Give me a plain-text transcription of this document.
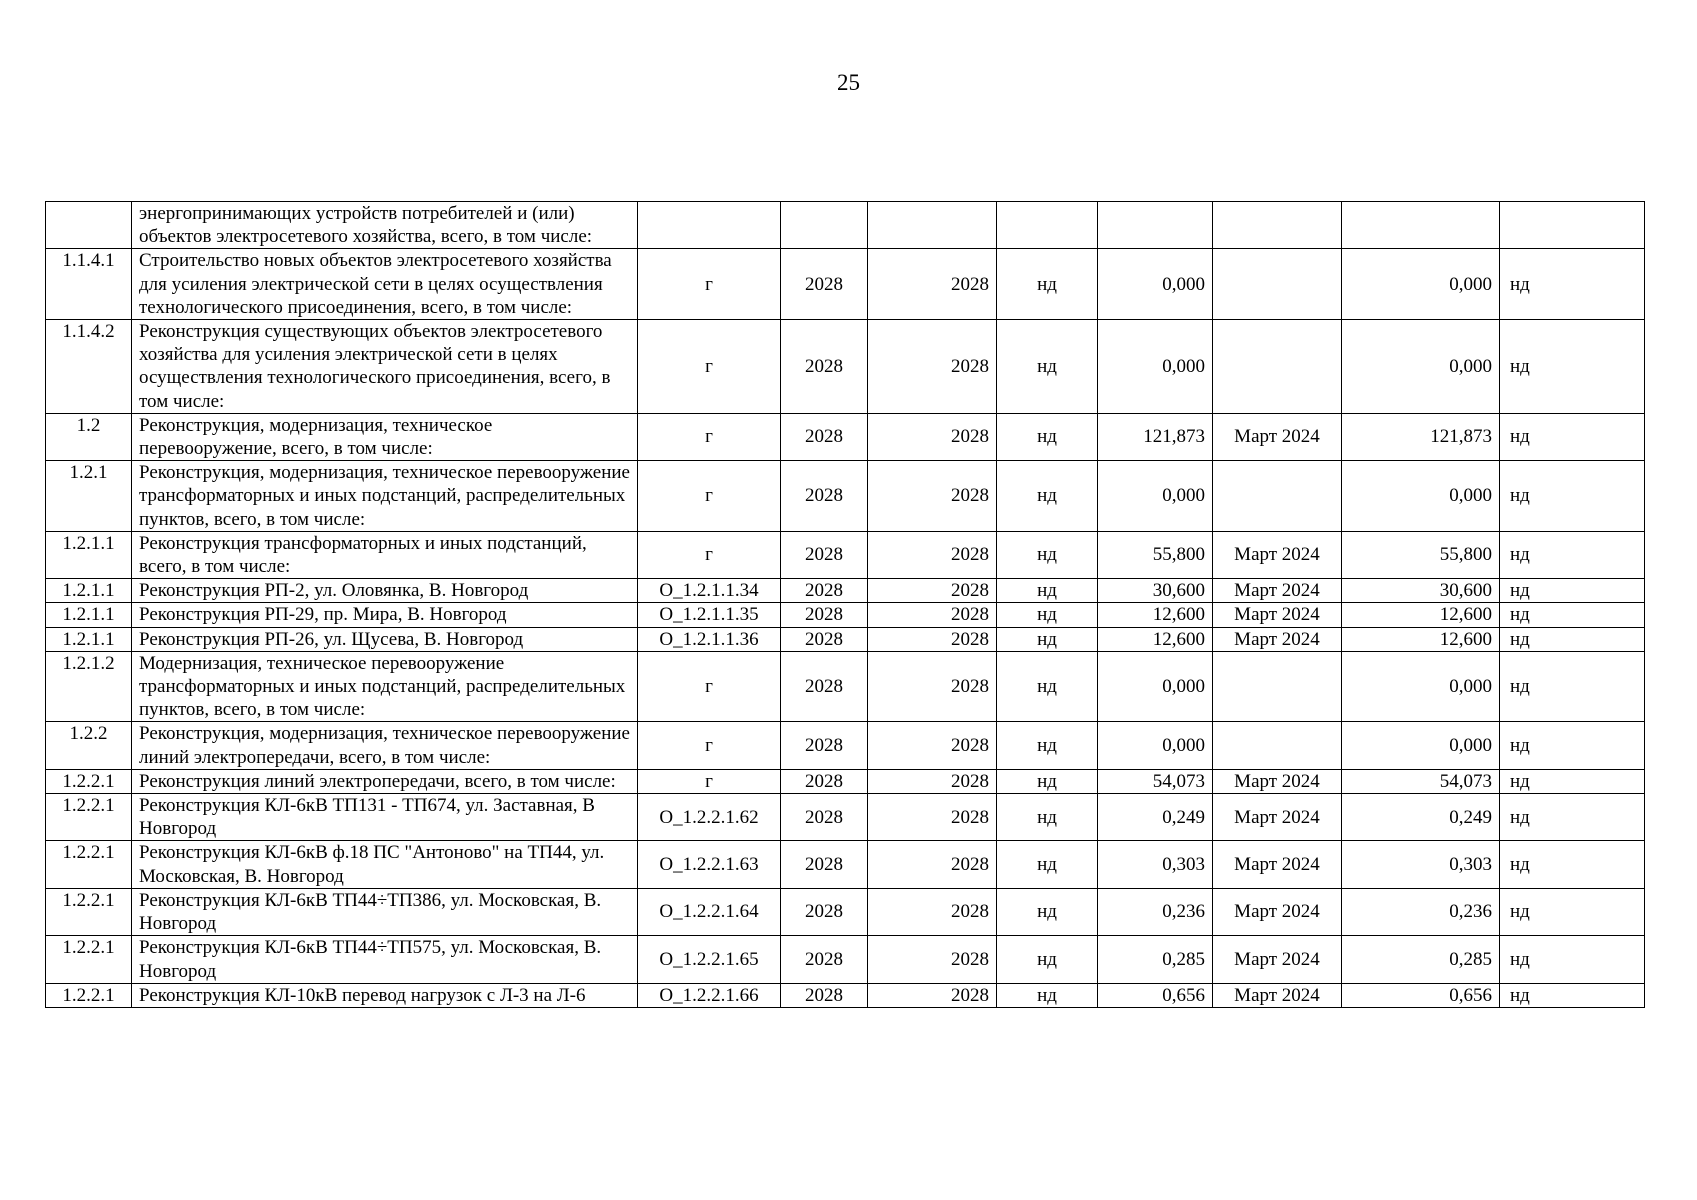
25
	энергопринимающих устройств потребителей и (или) объектов электросетевого хозяйства, всего, в том числе:								
1.1.4.1	Строительство новых объектов электросетевого хозяйства для усиления электрической сети в целях осуществления технологического присоединения, всего, в том числе:	г	2028	2028	нд	0,000		0,000	нд
1.1.4.2	Реконструкция существующих объектов электросетевого хозяйства для усиления электрической сети в целях осуществления технологического присоединения, всего, в том числе:	г	2028	2028	нд	0,000		0,000	нд
1.2	Реконструкция, модернизация, техническое перевооружение, всего, в том числе:	г	2028	2028	нд	121,873	Март 2024	121,873	нд
1.2.1	Реконструкция, модернизация, техническое перевооружение трансформаторных и иных подстанций, распределительных пунктов, всего, в том числе:	г	2028	2028	нд	0,000		0,000	нд
1.2.1.1	Реконструкция трансформаторных и иных подстанций, всего, в том числе:	г	2028	2028	нд	55,800	Март 2024	55,800	нд
1.2.1.1	Реконструкция РП-2, ул. Оловянка, В. Новгород	O_1.2.1.1.34	2028	2028	нд	30,600	Март 2024	30,600	нд
1.2.1.1	Реконструкция РП-29, пр. Мира, В. Новгород	O_1.2.1.1.35	2028	2028	нд	12,600	Март 2024	12,600	нд
1.2.1.1	Реконструкция РП-26, ул. Щусева, В. Новгород	O_1.2.1.1.36	2028	2028	нд	12,600	Март 2024	12,600	нд
1.2.1.2	Модернизация, техническое перевооружение трансформаторных и иных подстанций, распределительных пунктов, всего, в том числе:	г	2028	2028	нд	0,000		0,000	нд
1.2.2	Реконструкция, модернизация, техническое перевооружение линий электропередачи, всего, в том числе:	г	2028	2028	нд	0,000		0,000	нд
1.2.2.1	Реконструкция линий электропередачи, всего, в том числе:	г	2028	2028	нд	54,073	Март 2024	54,073	нд
1.2.2.1	Реконструкция КЛ-6кВ ТП131 - ТП674, ул. Заставная, В Новгород	O_1.2.2.1.62	2028	2028	нд	0,249	Март 2024	0,249	нд
1.2.2.1	Реконструкция КЛ-6кВ ф.18 ПС "Антоново" на ТП44, ул. Московская, В. Новгород	O_1.2.2.1.63	2028	2028	нд	0,303	Март 2024	0,303	нд
1.2.2.1	Реконструкция КЛ-6кВ ТП44÷ТП386, ул. Московская, В. Новгород	O_1.2.2.1.64	2028	2028	нд	0,236	Март 2024	0,236	нд
1.2.2.1	Реконструкция КЛ-6кВ ТП44÷ТП575, ул. Московская, В. Новгород	O_1.2.2.1.65	2028	2028	нд	0,285	Март 2024	0,285	нд
1.2.2.1	Реконструкция КЛ-10кВ перевод нагрузок с Л-3 на Л-6	O_1.2.2.1.66	2028	2028	нд	0,656	Март 2024	0,656	нд
